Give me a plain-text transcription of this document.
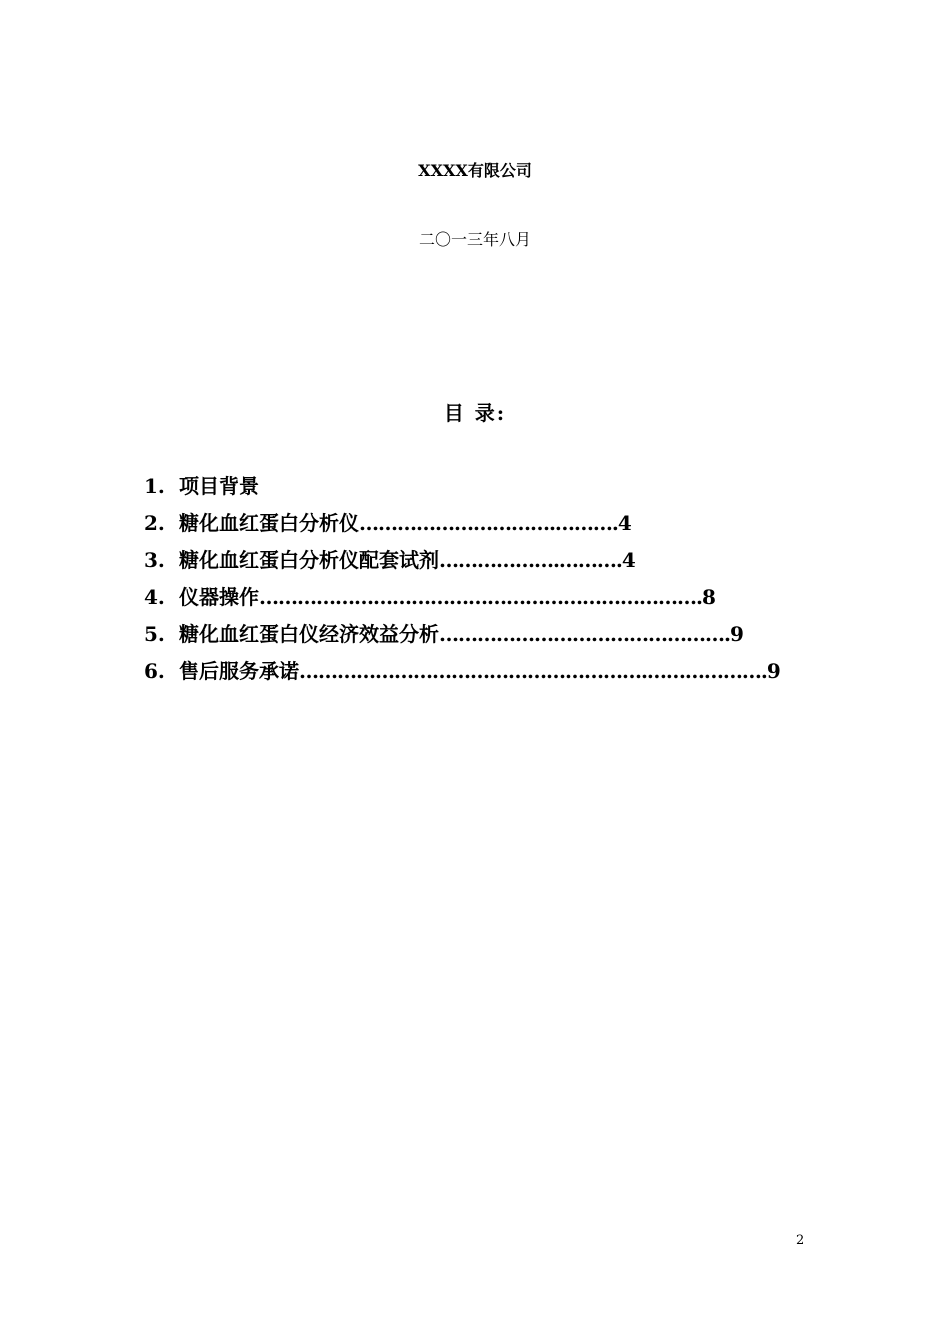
XXXX有限公司
二〇一三年八月
目 录:
1. 项目背景
2. 糖化血红蛋白分析仪………………………….……….4
3. 糖化血红蛋白分析仪配套试剂……………….……….4
4. 仪器操作…………………………………………………………….8
5. 糖化血红蛋白仪经济效益分析……………………………………….9
6. 售后服务承诺……………………………………………….……………….9
2
